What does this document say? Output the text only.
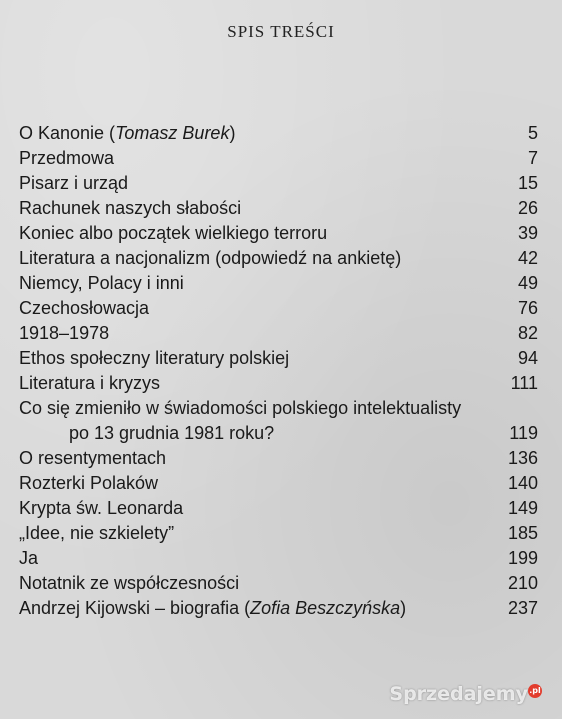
SPIS TREŚCI
O Kanonie (Tomasz Burek)	5
Przedmowa	7
Pisarz i urząd	15
Rachunek naszych słabości	26
Koniec albo początek wielkiego terroru	39
Literatura a nacjonalizm (odpowiedź na ankietę)	42
Niemcy, Polacy i inni	49
Czechosłowacja	76
1918–1978	82
Ethos społeczny literatury polskiej	94
Literatura i kryzys	111
Co się zmieniło w świadomości polskiego intelektualisty
po 13 grudnia 1981 roku?	119
O resentymentach	136
Rozterki Polaków	140
Krypta św. Leonarda	149
„Idee, nie szkielety”	185
Ja	199
Notatnik ze współczesności	210
Andrzej Kijowski – biografia (Zofia Beszczyńska)	237
Sprzedajemy.pl
